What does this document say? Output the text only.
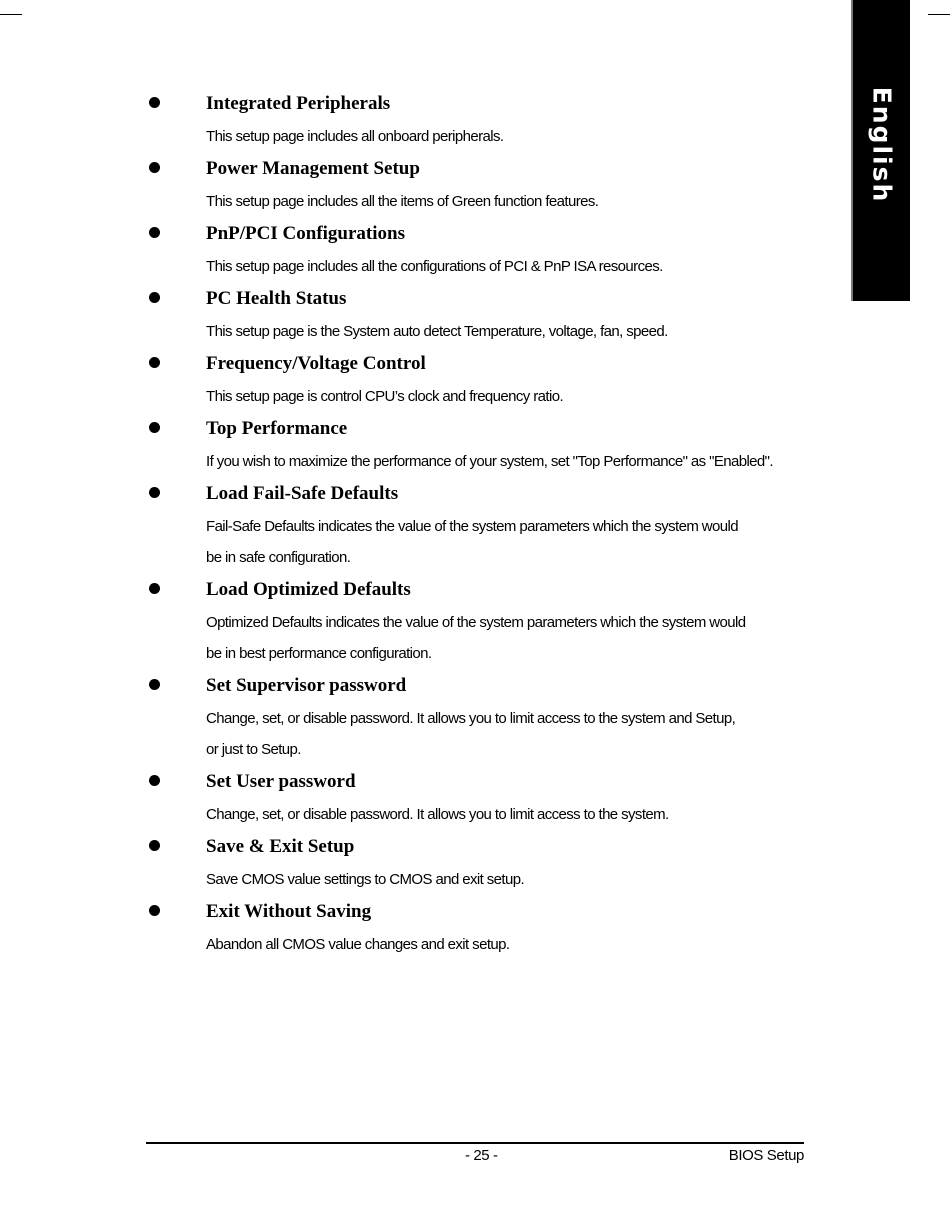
English
Integrated Peripherals
This setup page includes all onboard peripherals.
Power Management Setup
This setup page includes all the items of Green function features.
PnP/PCI Configurations
This setup page includes all the configurations of PCI & PnP ISA resources.
PC Health Status
This setup page is the System auto detect Temperature, voltage, fan, speed.
Frequency/Voltage Control
This setup page is control CPU’s clock and frequency ratio.
Top Performance
If you wish to maximize the performance of your system, set "Top Performance" as "Enabled".
Load Fail-Safe Defaults
Fail-Safe Defaults indicates the value of the system parameters which the system would
be in safe configuration.
Load Optimized Defaults
Optimized Defaults indicates the value of the system parameters which the system would
be in best performance configuration.
Set Supervisor password
Change, set, or disable password. It allows you to limit access to the system and Setup,
or just to Setup.
Set User password
Change, set, or disable password. It allows you to limit access to the system.
Save & Exit Setup
Save CMOS value settings to CMOS and exit setup.
Exit Without Saving
Abandon all CMOS value changes and exit setup.
- 25 -	BIOS Setup
